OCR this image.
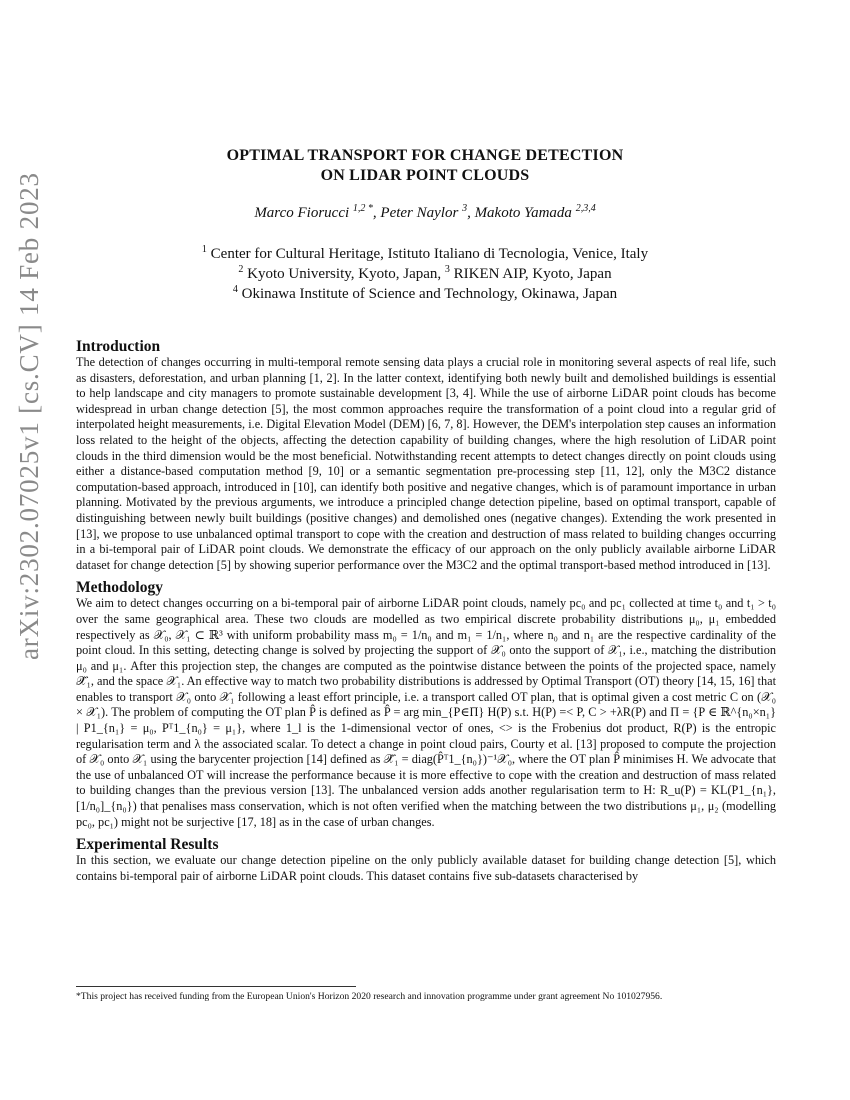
arXiv:2302.07025v1 [cs.CV] 14 Feb 2023
OPTIMAL TRANSPORT FOR CHANGE DETECTION
ON LIDAR POINT CLOUDS
Marco Fiorucci $^{1,2 *}$, Peter Naylor $^3$, Makoto Yamada $^{2,3,4}$
$^1$ Center for Cultural Heritage, Istituto Italiano di Tecnologia, Venice, Italy
$^2$ Kyoto University, Kyoto, Japan, $^3$ RIKEN AIP, Kyoto, Japan
$^4$ Okinawa Institute of Science and Technology, Okinawa, Japan
Introduction

The detection of changes occurring in multi-temporal remote sensing data plays a crucial role in monitoring several aspects of real life, such as disasters, deforestation, and urban planning [1, 2]. In the latter context, identifying both newly built and demolished buildings is essential to help landscape and city managers to promote sustainable development [3, 4]. While the use of airborne LiDAR point clouds has become widespread in urban change detection [5], the most common approaches require the transformation of a point cloud into a regular grid of interpolated height measurements, i.e. Digital Elevation Model (DEM) [6, 7, 8]. However, the DEM's interpolation step causes an information loss related to the height of the objects, affecting the detection capability of building changes, where the high resolution of LiDAR point clouds in the third dimension would be the most beneficial. Notwithstanding recent attempts to detect changes directly on point clouds using either a distance-based computation method [9, 10] or a semantic segmentation pre-processing step [11, 12], only the M3C2 distance computation-based approach, introduced in [10], can identify both positive and negative changes, which is of paramount importance in urban planning. Motivated by the previous arguments, we introduce a principled change detection pipeline, based on optimal transport, capable of distinguishing between newly built buildings (positive changes) and demolished ones (negative changes). Extending the work presented in [13], we propose to use unbalanced optimal transport to cope with the creation and destruction of mass related to building changes occurring in a bi-temporal pair of LiDAR point clouds. We demonstrate the efficacy of our approach on the only publicly available airborne LiDAR dataset for change detection [5] by showing superior performance over the M3C2 and the optimal transport-based method introduced in [13].

Methodology

We aim to detect changes occurring on a bi-temporal pair of airborne LiDAR point clouds, namely pc₀ and pc₁ collected at time t₀ and t₁ > t₀ over the same geographical area. These two clouds are modelled as two empirical discrete probability distributions μ₀, μ₁ embedded respectively as 𝒳₀, 𝒳₁ ⊂ ℝ³ with uniform probability mass m₀ = 1/n₀ and m₁ = 1/n₁, where n₀ and n₁ are the respective cardinality of the point cloud. In this setting, detecting change is solved by projecting the support of 𝒳₀ onto the support of 𝒳₁, i.e., matching the distribution μ₀ and μ₁. After this projection step, the changes are computed as the pointwise distance between the points of the projected space, namely 𝒳̂₁, and the space 𝒳₁. An effective way to match two probability distributions is addressed by Optimal Transport (OT) theory [14, 15, 16] that enables to transport 𝒳₀ onto 𝒳₁ following a least effort principle, i.e. a transport called OT plan, that is optimal given a cost metric C on (𝒳₀ × 𝒳₁). The problem of computing the OT plan P̂ is defined as P̂ = arg min_{P∈Π} H(P) s.t. H(P) =< P, C > +λR(P) and Π = {P ∈ ℝ^{n₀×n₁} | P1_{n₁} = μ₀, Pᵀ1_{n₀} = μ₁}, where 1_l is the 1-dimensional vector of ones, <> is the Frobenius dot product, R(P) is the entropic regularisation term and λ the associated scalar. To detect a change in point cloud pairs, Courty et al. [13] proposed to compute the projection of 𝒳₀ onto 𝒳₁ using the barycenter projection [14] defined as 𝒳̂₁ = diag(P̂ᵀ1_{n₀})⁻¹𝒳₀, where the OT plan P̂ minimises H. We advocate that the use of unbalanced OT will increase the performance because it is more effective to cope with the creation and destruction of mass related to building changes than the previous version [13]. The unbalanced version adds another regularisation term to H: R_u(P) = KL(P1_{n₁}, [1/n₀]_{n₀}) that penalises mass conservation, which is not often verified when the matching between the two distributions μ₁, μ₂ (modelling pc₀, pc₁) might not be surjective [17, 18] as in the case of urban changes.

Experimental Results

In this section, we evaluate our change detection pipeline on the only publicly available dataset for building change detection [5], which contains bi-temporal pair of airborne LiDAR point clouds. This dataset contains five sub-datasets characterised by

*This project has received funding from the European Union's Horizon 2020 research and innovation programme under grant agreement No 101027956.
